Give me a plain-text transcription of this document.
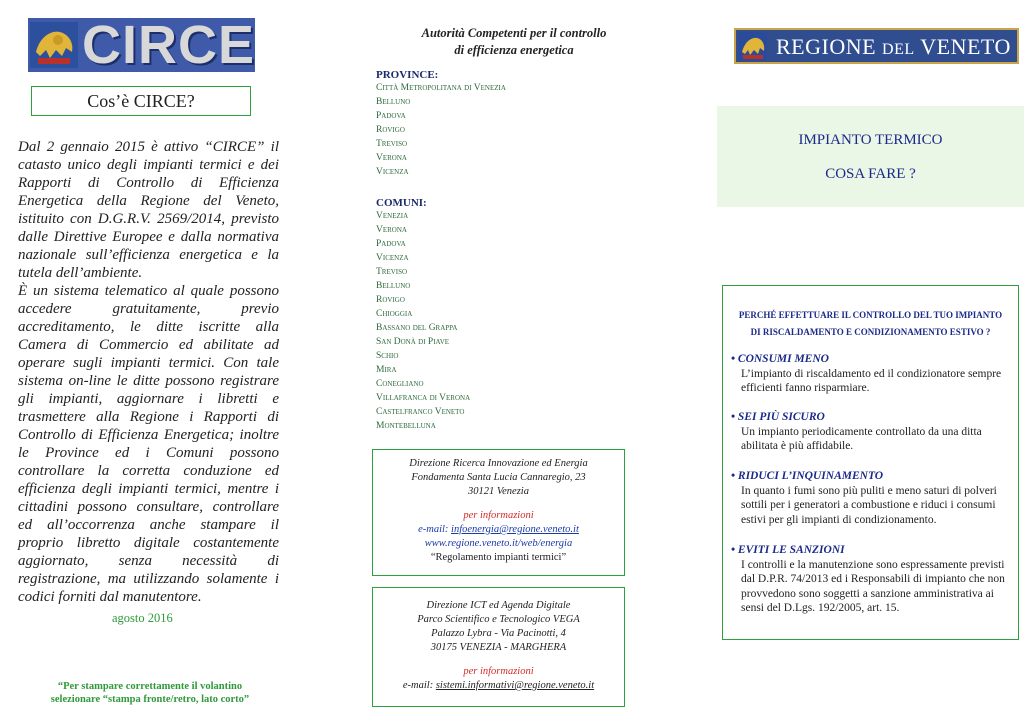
CIRCE
Cos’è CIRCE?

Dal 2 gennaio 2015 è attivo “CIRCE” il catasto unico degli impianti termici e dei Rapporti di Controllo di Efficienza Energetica della Regione del Veneto, istituito con D.G.R.V. 2569/2014, previsto dalle Direttive Europee e dalla normativa nazionale sull’efficienza energetica e la tutela dell’ambiente.

È un sistema telematico al quale possono accedere gratuitamente, previo accreditamento, le ditte iscritte alla Camera di Commercio ed abilitate ad operare sugli impianti termici. Con tale sistema on-line le ditte possono registrare gli impianti, aggiornare i libretti e trasmettere alla Regione i Rapporti di Controllo di Efficienza Energetica; inoltre le Province ed i Comuni possono controllare la corretta conduzione ed efficienza degli impianti termici, mentre i cittadini possono consultare, controllare ed all’occorrenza anche stampare il proprio libretto digitale costantemente aggiornato, senza necessità di registrazione, ma utilizzando solamente i codici forniti dal manutentore.

agosto 2016
“Per stampare correttamente il volantino
selezionare “stampa fronte/retro, lato corto”
Autorità Competenti per il controllo
di efficienza energetica
PROVINCE:
Città Metropolitana di Venezia
Belluno
Padova
Rovigo
Treviso
Verona
Vicenza
COMUNI:
Venezia
Verona
Padova
Vicenza
Treviso
Belluno
Rovigo
Chioggia
Bassano del Grappa
San Donà di Piave
Schio
Mira
Conegliano
Villafranca di Verona
Castelfranco Veneto
Montebelluna
Direzione Ricerca Innovazione ed Energia
Fondamenta Santa Lucia Cannaregio, 23
30121 Venezia
per informazioni
e-mail: infoenergia@regione.veneto.it
www.regione.veneto.it/web/energia
“Regolamento impianti termici”
Direzione ICT ed Agenda Digitale
Parco Scientifico e Tecnologico VEGA
Palazzo Lybra - Via Pacinotti, 4
30175 VENEZIA - MARGHERA
per informazioni
e-mail: sistemi.informativi@regione.veneto.it
REGIONE DEL VENETO
IMPIANTO TERMICO
COSA FARE ?
PERCHÉ EFFETTUARE IL CONTROLLO DEL TUO IMPIANTO
DI RISCALDAMENTO E CONDIZIONAMENTO ESTIVO ?
• CONSUMI MENO
L’impianto di riscaldamento ed il condizionatore sempre efficienti fanno risparmiare.
• SEI PIÙ SICURO
Un impianto periodicamente controllato da una ditta abilitata è più affidabile.
• RIDUCI L’INQUINAMENTO
In quanto i fumi sono più puliti e meno saturi di polveri sottili per i generatori a combustione e riduci i consumi estivi per gli impianti di condizionamento.
• EVITI LE SANZIONI
I controlli e la manutenzione sono espressamente previsti dal D.P.R. 74/2013 ed i Responsabili di impianto che non provvedono sono soggetti a sanzione amministrativa ai sensi del D.Lgs. 192/2005, art. 15.
